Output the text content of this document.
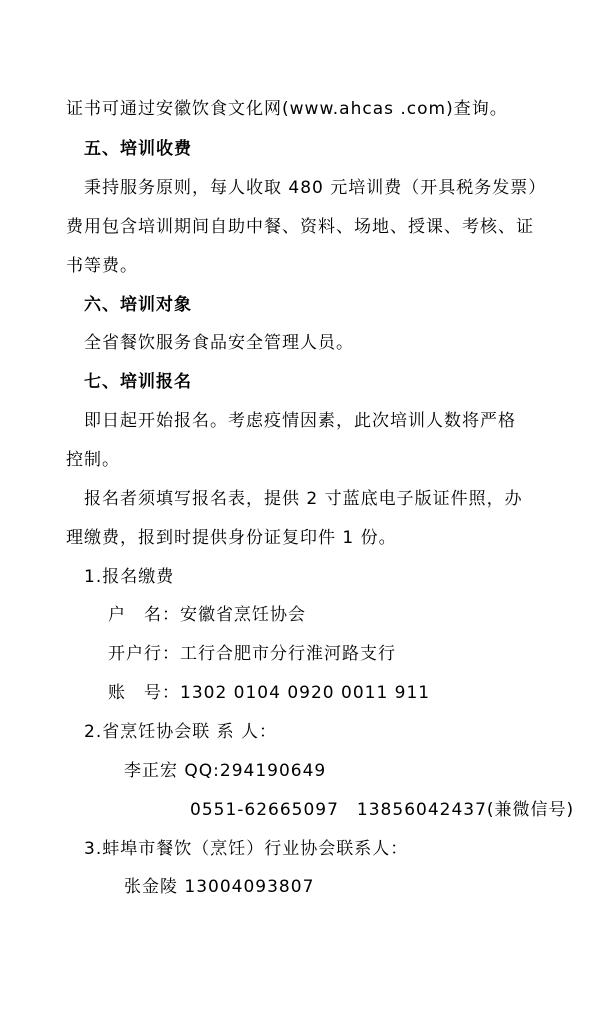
证书可通过安徽饮食文化网(www.ahcas .com)查询。
五、培训收费
秉持服务原则，每人收取 480 元培训费（开具税务发票）
费用包含培训期间自助中餐、资料、场地、授课、考核、证
书等费。
六、培训对象
全省餐饮服务食品安全管理人员。
七、培训报名
即日起开始报名。考虑疫情因素，此次培训人数将严格
控制。
报名者须填写报名表，提供 2 寸蓝底电子版证件照，办
理缴费，报到时提供身份证复印件 1 份。
1.报名缴费
户　名：安徽省烹饪协会
开户行：工行合肥市分行淮河路支行
账　号：1302 0104 0920 0011 911
2.省烹饪协会联 系 人：
李正宏 QQ:294190649
0551-62665097　13856042437(兼微信号)
3.蚌埠市餐饮（烹饪）行业协会联系人：
张金陵 13004093807
